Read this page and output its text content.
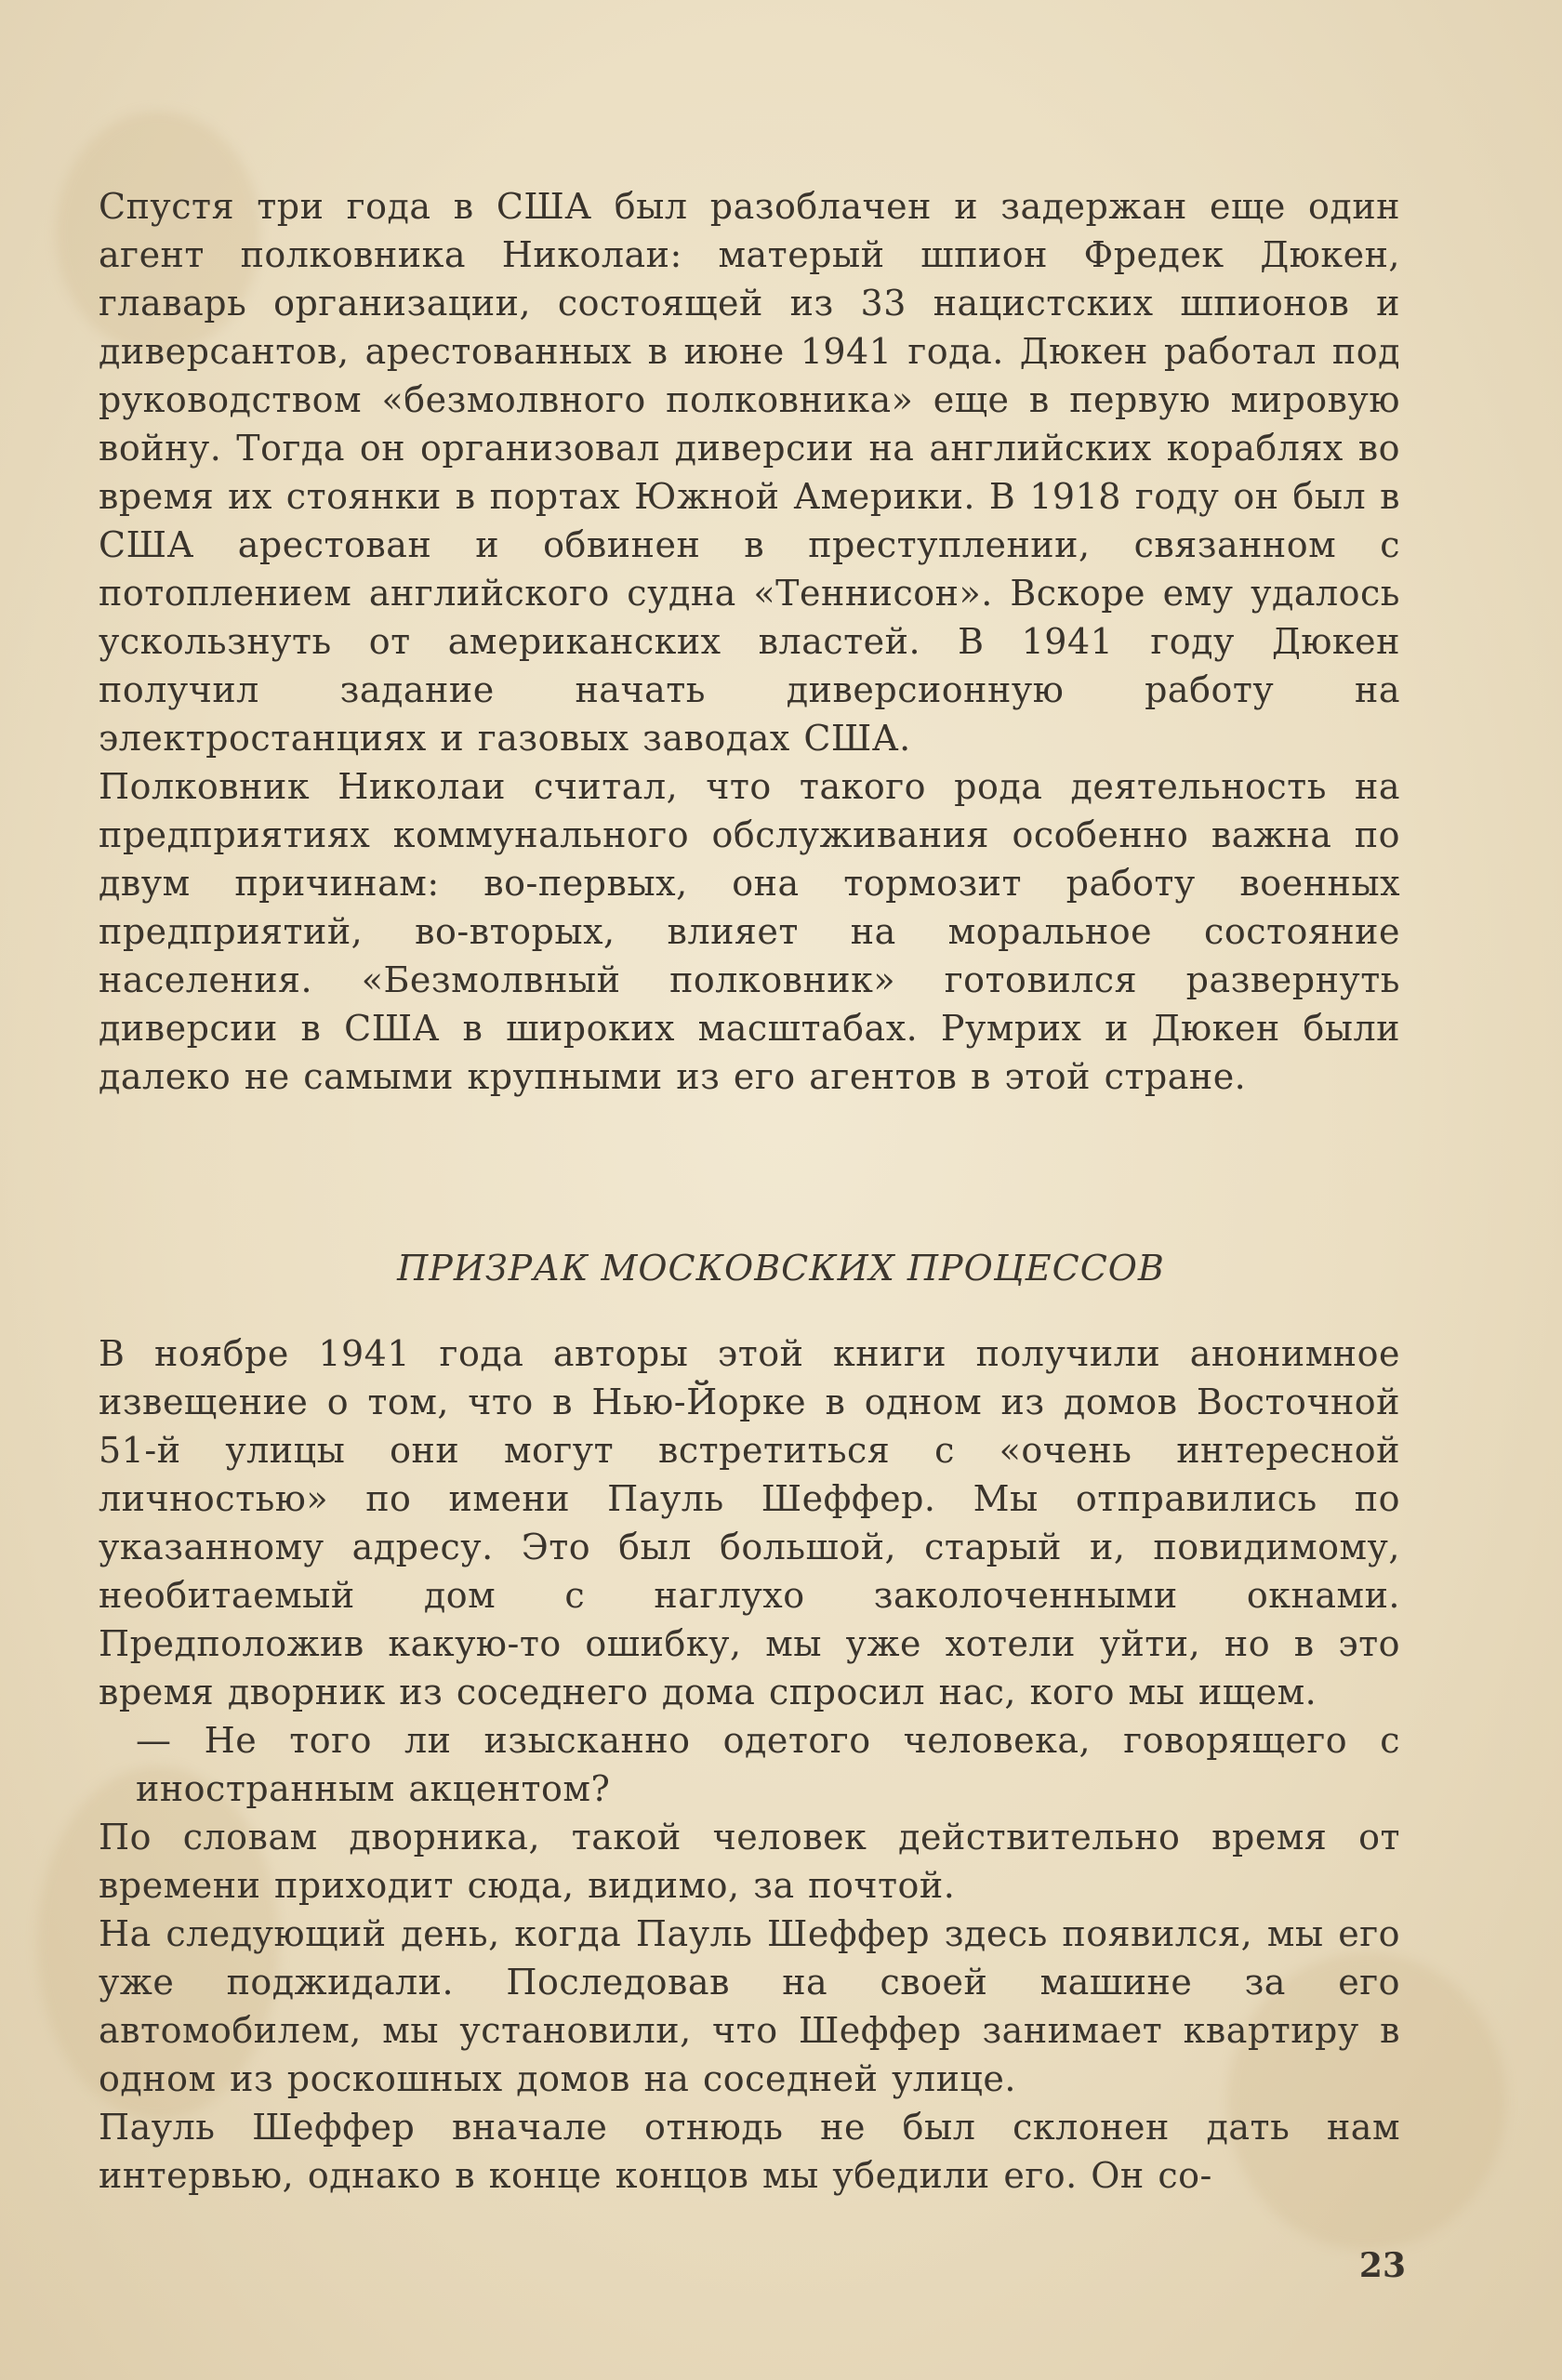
Спустя три года в США был разоблачен и задержан еще один агент полковника Николаи: матерый шпион Фредек Дюкен, главарь организации, состоящей из 33 нацистских шпионов и диверсантов, арестованных в июне 1941 года. Дюкен работал под руководством «безмолвного полковника» еще в первую мировую войну. Тогда он организовал диверсии на английских кораблях во время их стоянки в портах Южной Америки. В 1918 году он был в США арестован и обвинен в преступлении, связанном с потоплением английского судна «Теннисон». Вскоре ему удалось ускользнуть от американских властей. В 1941 году Дюкен получил задание начать диверсионную работу на электростанциях и газовых заводах США.

Полковник Николаи считал, что такого рода деятельность на предприятиях коммунального обслуживания особенно важна по двум причинам: во-первых, она тормозит работу военных предприятий, во-вторых, влияет на моральное состояние населения. «Безмолвный полковник» готовился развернуть диверсии в США в широких масштабах. Румрих и Дюкен были далеко не самыми крупными из его агентов в этой стране.

ПРИЗРАК МОСКОВСКИХ ПРОЦЕССОВ

В ноябре 1941 года авторы этой книги получили анонимное извещение о том, что в Нью-Йорке в одном из домов Восточной 51-й улицы они могут встретиться с «очень интересной личностью» по имени Пауль Шеффер. Мы отправились по указанному адресу. Это был большой, старый и, повидимому, необитаемый дом с наглухо заколоченными окнами. Предположив какую-то ошибку, мы уже хотели уйти, но в это время дворник из соседнего дома спросил нас, кого мы ищем.

— Не того ли изысканно одетого человека, говорящего с иностранным акцентом?

По словам дворника, такой человек действительно время от времени приходит сюда, видимо, за почтой.

На следующий день, когда Пауль Шеффер здесь появился, мы его уже поджидали. Последовав на своей машине за его автомобилем, мы установили, что Шеффер занимает квартиру в одном из роскошных домов на соседней улице.

Пауль Шеффер вначале отнюдь не был склонен дать нам интервью, однако в конце концов мы убедили его. Он со-

23
